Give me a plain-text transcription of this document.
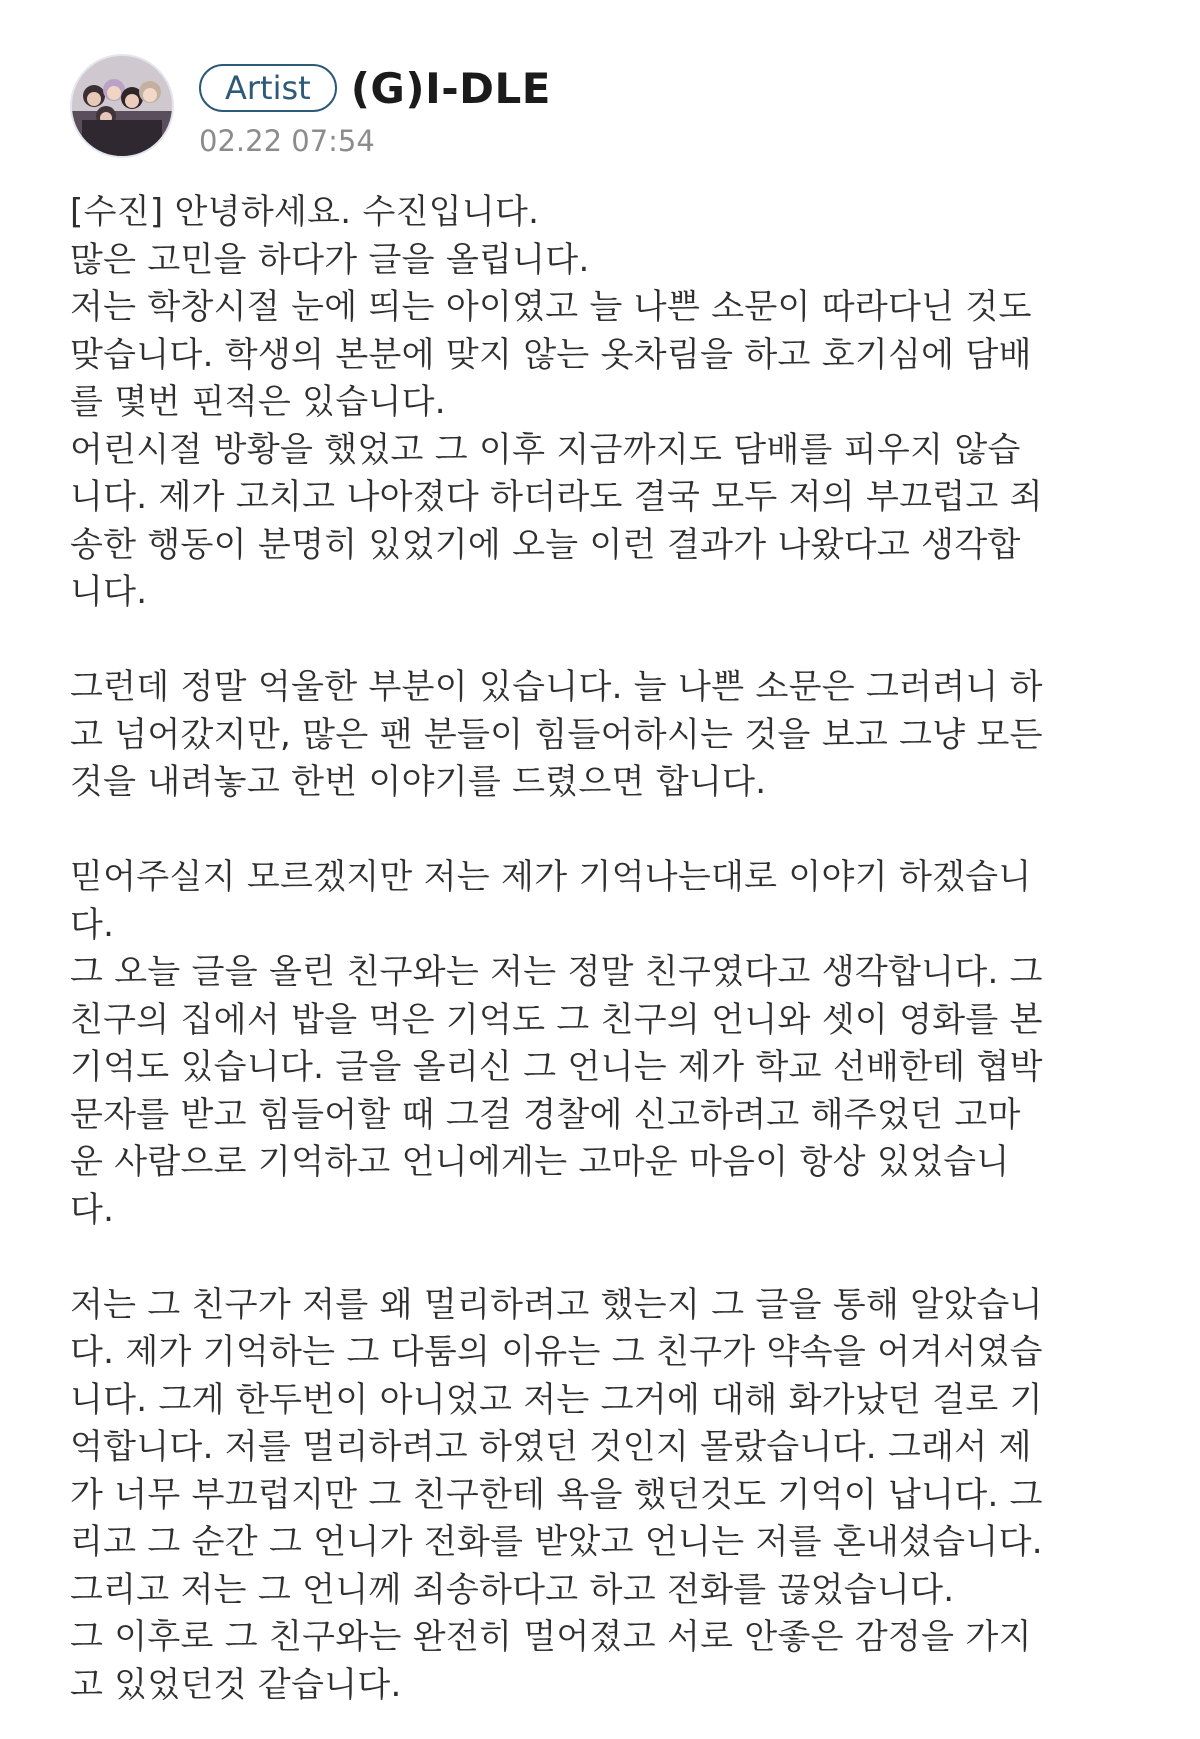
Artist (G)I-DLE
02.22 07:54

[수진] 안녕하세요. 수진입니다.

많은 고민을 하다가 글을 올립니다.

저는 학창시절 눈에 띄는 아이였고 늘 나쁜 소문이 따라다닌 것도

맞습니다. 학생의 본분에 맞지 않는 옷차림을 하고 호기심에 담배

를 몇번 핀적은 있습니다.

어린시절 방황을 했었고 그 이후 지금까지도 담배를 피우지 않습

니다. 제가 고치고 나아졌다 하더라도 결국 모두 저의 부끄럽고 죄

송한 행동이 분명히 있었기에 오늘 이런 결과가 나왔다고 생각합

니다.

그런데 정말 억울한 부분이 있습니다. 늘 나쁜 소문은 그러려니 하

고 넘어갔지만, 많은 팬 분들이 힘들어하시는 것을 보고 그냥 모든

것을 내려놓고 한번 이야기를 드렸으면 합니다.

믿어주실지 모르겠지만 저는 제가 기억나는대로 이야기 하겠습니

다.

그 오늘 글을 올린 친구와는 저는 정말 친구였다고 생각합니다. 그

친구의 집에서 밥을 먹은 기억도 그 친구의 언니와 셋이 영화를 본

기억도 있습니다. 글을 올리신 그 언니는 제가 학교 선배한테 협박

문자를 받고 힘들어할 때 그걸 경찰에 신고하려고 해주었던 고마

운 사람으로 기억하고 언니에게는 고마운 마음이 항상 있었습니

다.

저는 그 친구가 저를 왜 멀리하려고 했는지 그 글을 통해 알았습니

다. 제가 기억하는 그 다툼의 이유는 그 친구가 약속을 어겨서였습

니다. 그게 한두번이 아니었고 저는 그거에 대해 화가났던 걸로 기

억합니다. 저를 멀리하려고 하였던 것인지 몰랐습니다. 그래서 제

가 너무 부끄럽지만 그 친구한테 욕을 했던것도 기억이 납니다. 그

리고 그 순간 그 언니가 전화를 받았고 언니는 저를 혼내셨습니다.

그리고 저는 그 언니께 죄송하다고 하고 전화를 끊었습니다.

그 이후로 그 친구와는 완전히 멀어졌고 서로 안좋은 감정을 가지

고 있었던것 같습니다.
